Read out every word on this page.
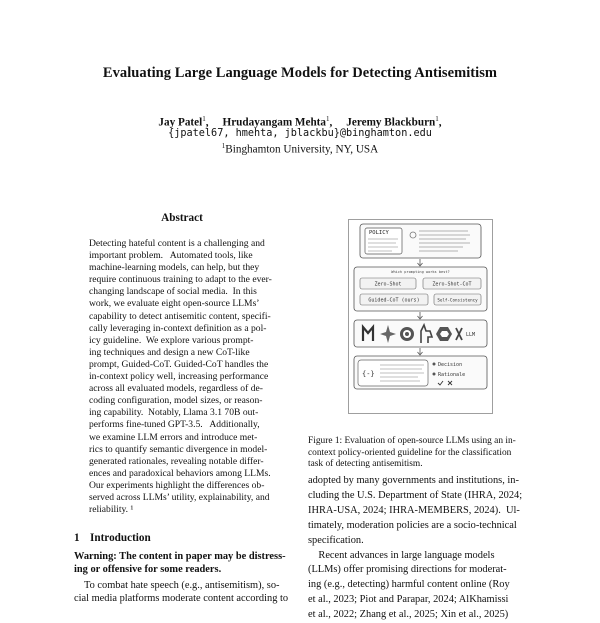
Evaluating Large Language Models for Detecting Antisemitism
Jay Patel$^1$, Hrudayangam Mehta$^1$, Jeremy Blackburn$^1$,
{jpatel67, hmehta, jblackbu}@binghamton.edu
$^1$Binghamton University, NY, USA
Abstract
Detecting hateful content is a challenging and
important problem.   Automated tools, like
machine-learning models, can help, but they
require continuous training to adapt to the ever-
changing landscape of social media.  In this
work, we evaluate eight open-source LLMs’
capability to detect antisemitic content, specifi-
cally leveraging in-context definition as a pol-
icy guideline.  We explore various prompt-
ing techniques and design a new CoT-like
prompt, Guided-CoT. Guided-CoT handles the
in-context policy well, increasing performance
across all evaluated models, regardless of de-
coding configuration, model sizes, or reason-
ing capability.  Notably, Llama 3.1 70B out-
performs fine-tuned GPT-3.5.   Additionally,
we examine LLM errors and introduce met-
rics to quantify semantic divergence in model-
generated rationales, revealing notable differ-
ences and paradoxical behaviors among LLMs.
Our experiments highlight the differences ob-
served across LLMs’ utility, explainability, and
reliability. ¹
1 Introduction
Warning: The content in paper may be distress-
ing or offensive for some readers.
To combat hate speech (e.g., antisemitism), so-
cial media platforms moderate content according to
POLICY
Which prompting works best?
Zero-Shot	Zero-Shot-CoT
Guided-CoT (ours)	Self-Consistency
LLM
{-}
Decision
Rationale
Figure 1: Evaluation of open-source LLMs using an in-
context policy-oriented guideline for the classification
task of detecting antisemitism.
adopted by many governments and institutions, in-
cluding the U.S. Department of State (IHRA, 2024;
IHRA-USA, 2024; IHRA-MEMBERS, 2024).  Ul-
timately, moderation policies are a socio-technical
specification.
Recent advances in large language models
(LLMs) offer promising directions for moderat-
ing (e.g., detecting) harmful content online (Roy
et al., 2023; Piot and Parapar, 2024; AlKhamissi
et al., 2022; Zhang et al., 2025; Xin et al., 2025)
